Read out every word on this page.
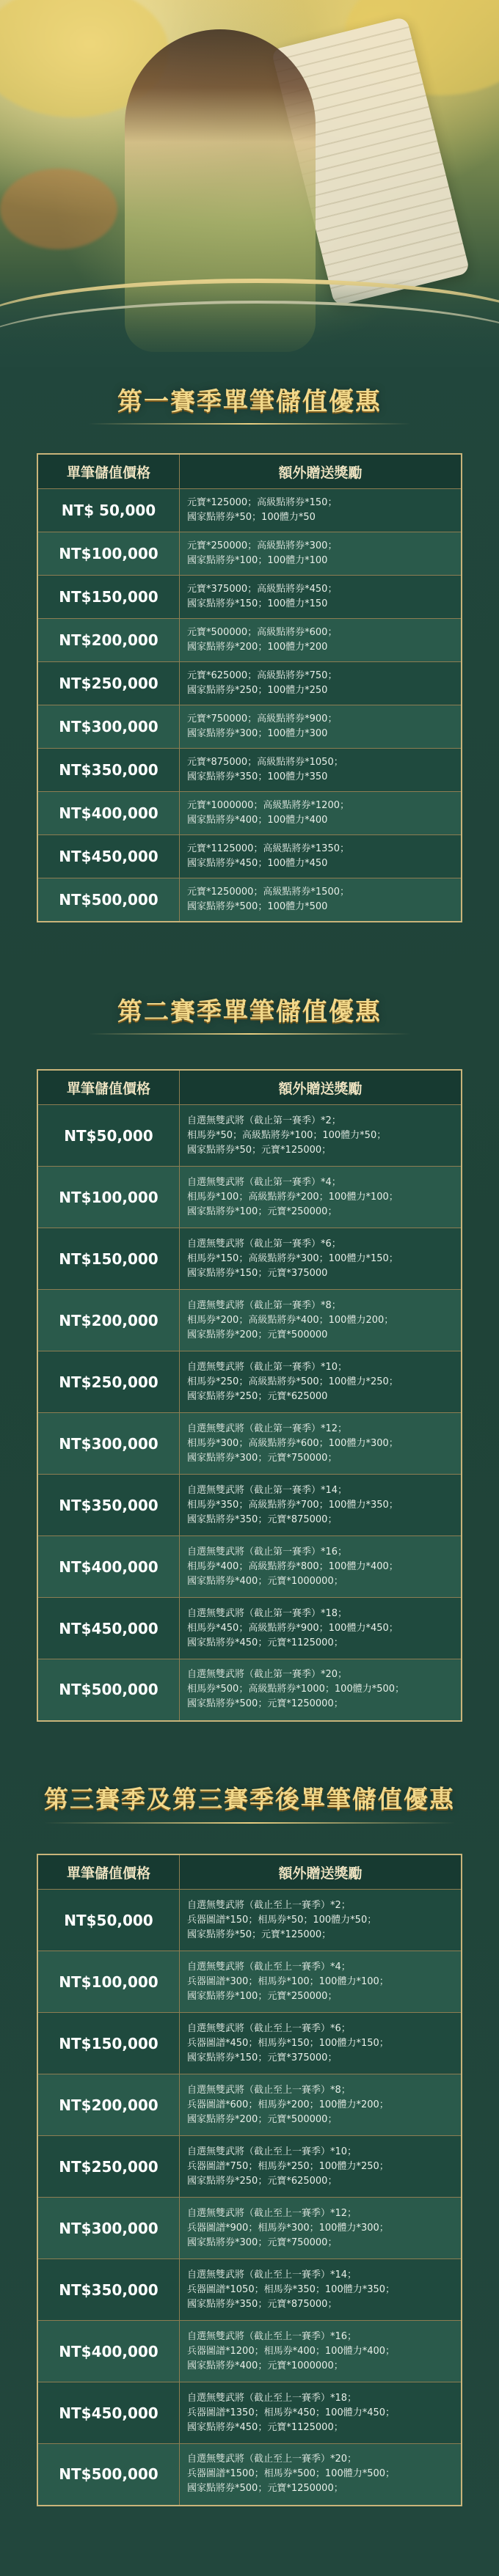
第一賽季單筆儲值優惠
單筆儲值價格	額外贈送獎勵
NT$ 50,000	元寶*125000；高級點將券*150；
國家點將券*50；100體力*50

NT$100,000	元寶*250000；高級點將券*300；
國家點將券*100；100體力*100

NT$150,000	元寶*375000；高級點將券*450；
國家點將券*150；100體力*150

NT$200,000	元寶*500000；高級點將券*600；
國家點將券*200；100體力*200

NT$250,000	元寶*625000；高級點將券*750；
國家點將券*250；100體力*250

NT$300,000	元寶*750000；高級點將券*900；
國家點將券*300；100體力*300

NT$350,000	元寶*875000；高級點將券*1050；
國家點將券*350；100體力*350

NT$400,000	元寶*1000000；高級點將券*1200；
國家點將券*400；100體力*400

NT$450,000	元寶*1125000；高級點將券*1350；
國家點將券*450；100體力*450

NT$500,000	元寶*1250000；高級點將券*1500；
國家點將券*500；100體力*500
第二賽季單筆儲值優惠
單筆儲值價格	額外贈送獎勵
NT$50,000	自選無雙武將（截止第一賽季）*2；
相馬券*50；高級點將券*100；100體力*50；
國家點將券*50；元寶*125000；

NT$100,000	自選無雙武將（截止第一賽季）*4；
相馬券*100；高級點將券*200；100體力*100；
國家點將券*100；元寶*250000；

NT$150,000	自選無雙武將（截止第一賽季）*6；
相馬券*150；高級點將券*300；100體力*150；
國家點將券*150；元寶*375000

NT$200,000	自選無雙武將（截止第一賽季）*8；
相馬券*200；高級點將券*400；100體力200；
國家點將券*200；元寶*500000

NT$250,000	自選無雙武將（截止第一賽季）*10；
相馬券*250；高級點將券*500；100體力*250；
國家點將券*250；元寶*625000

NT$300,000	自選無雙武將（截止第一賽季）*12；
相馬券*300；高級點將券*600；100體力*300；
國家點將券*300；元寶*750000；

NT$350,000	自選無雙武將（截止第一賽季）*14；
相馬券*350；高級點將券*700；100體力*350；
國家點將券*350；元寶*875000；

NT$400,000	自選無雙武將（截止第一賽季）*16；
相馬券*400；高級點將券*800；100體力*400；
國家點將券*400；元寶*1000000；

NT$450,000	自選無雙武將（截止第一賽季）*18；
相馬券*450；高級點將券*900；100體力*450；
國家點將券*450；元寶*1125000；

NT$500,000	自選無雙武將（截止第一賽季）*20；
相馬券*500；高級點將券*1000；100體力*500；
國家點將券*500；元寶*1250000；
第三賽季及第三賽季後單筆儲值優惠
單筆儲值價格	額外贈送獎勵
NT$50,000	自選無雙武將（截止至上一賽季）*2；
兵器圖譜*150；相馬券*50；100體力*50；
國家點將券*50；元寶*125000；

NT$100,000	自選無雙武將（截止至上一賽季）*4；
兵器圖譜*300；相馬券*100；100體力*100；
國家點將券*100；元寶*250000；

NT$150,000	自選無雙武將（截止至上一賽季）*6；
兵器圖譜*450；相馬券*150；100體力*150；
國家點將券*150；元寶*375000；

NT$200,000	自選無雙武將（截止至上一賽季）*8；
兵器圖譜*600；相馬券*200；100體力*200；
國家點將券*200；元寶*500000；

NT$250,000	自選無雙武將（截止至上一賽季）*10；
兵器圖譜*750；相馬券*250；100體力*250；
國家點將券*250；元寶*625000；

NT$300,000	自選無雙武將（截止至上一賽季）*12；
兵器圖譜*900；相馬券*300；100體力*300；
國家點將券*300；元寶*750000；

NT$350,000	自選無雙武將（截止至上一賽季）*14；
兵器圖譜*1050；相馬券*350；100體力*350；
國家點將券*350；元寶*875000；

NT$400,000	自選無雙武將（截止至上一賽季）*16；
兵器圖譜*1200；相馬券*400；100體力*400；
國家點將券*400；元寶*1000000；

NT$450,000	自選無雙武將（截止至上一賽季）*18；
兵器圖譜*1350；相馬券*450；100體力*450；
國家點將券*450；元寶*1125000；

NT$500,000	自選無雙武將（截止至上一賽季）*20；
兵器圖譜*1500；相馬券*500；100體力*500；
國家點將券*500；元寶*1250000；
